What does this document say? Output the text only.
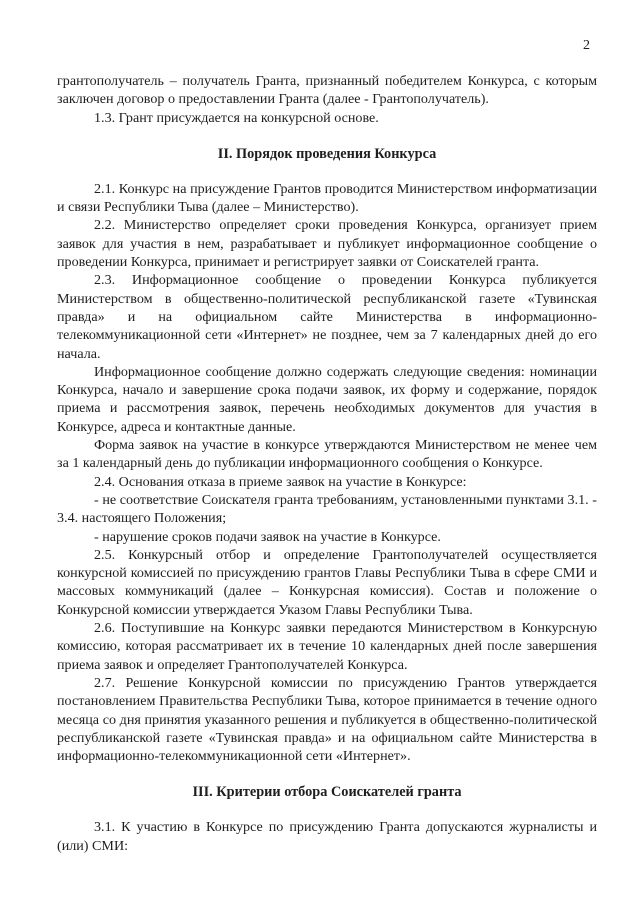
2

грантополучатель – получатель Гранта, признанный победителем Конкурса, с которым заключен договор о предоставлении Гранта (далее - Грантополучатель).

1.3. Грант присуждается на конкурсной основе.

II. Порядок проведения Конкурса

2.1. Конкурс на присуждение Грантов проводится Министерством информатизации и связи Республики Тыва (далее – Министерство).

2.2. Министерство определяет сроки проведения Конкурса, организует прием заявок для участия в нем, разрабатывает и публикует информационное сообщение о проведении Конкурса, принимает и регистрирует заявки от Соискателей гранта.

2.3. Информационное сообщение о проведении Конкурса публикуется Министерством в общественно-политической республиканской газете «Тувинская правда» и на официальном сайте Министерства в информационно-телекоммуникационной сети «Интернет» не позднее, чем за 7 календарных дней до его начала.

Информационное сообщение должно содержать следующие сведения: номинации Конкурса, начало и завершение срока подачи заявок, их форму и содержание, порядок приема и рассмотрения заявок, перечень необходимых документов для участия в Конкурсе, адреса и контактные данные.

Форма заявок на участие в конкурсе утверждаются Министерством не менее чем за 1 календарный день до публикации информационного сообщения о Конкурсе.

2.4. Основания отказа в приеме заявок на участие в Конкурсе:

- не соответствие Соискателя гранта требованиям, установленными пунктами 3.1. - 3.4. настоящего Положения;

- нарушение сроков подачи заявок на участие в Конкурсе.

2.5. Конкурсный отбор и определение Грантополучателей осуществляется конкурсной комиссией по присуждению грантов Главы Республики Тыва в сфере СМИ и массовых коммуникаций (далее – Конкурсная комиссия). Состав и положение о Конкурсной комиссии утверждается Указом Главы Республики Тыва.

2.6. Поступившие на Конкурс заявки передаются Министерством в Конкурсную комиссию, которая рассматривает их в течение 10 календарных дней после завершения приема заявок и определяет Грантополучателей Конкурса.

2.7. Решение Конкурсной комиссии по присуждению Грантов утверждается постановлением Правительства Республики Тыва, которое принимается в течение одного месяца со дня принятия указанного решения и публикуется в общественно-политической республиканской газете «Тувинская правда» и на официальном сайте Министерства в информационно-телекоммуникационной сети «Интернет».

III. Критерии отбора Соискателей гранта

3.1. К участию в Конкурсе по присуждению Гранта допускаются журналисты и (или) СМИ:
